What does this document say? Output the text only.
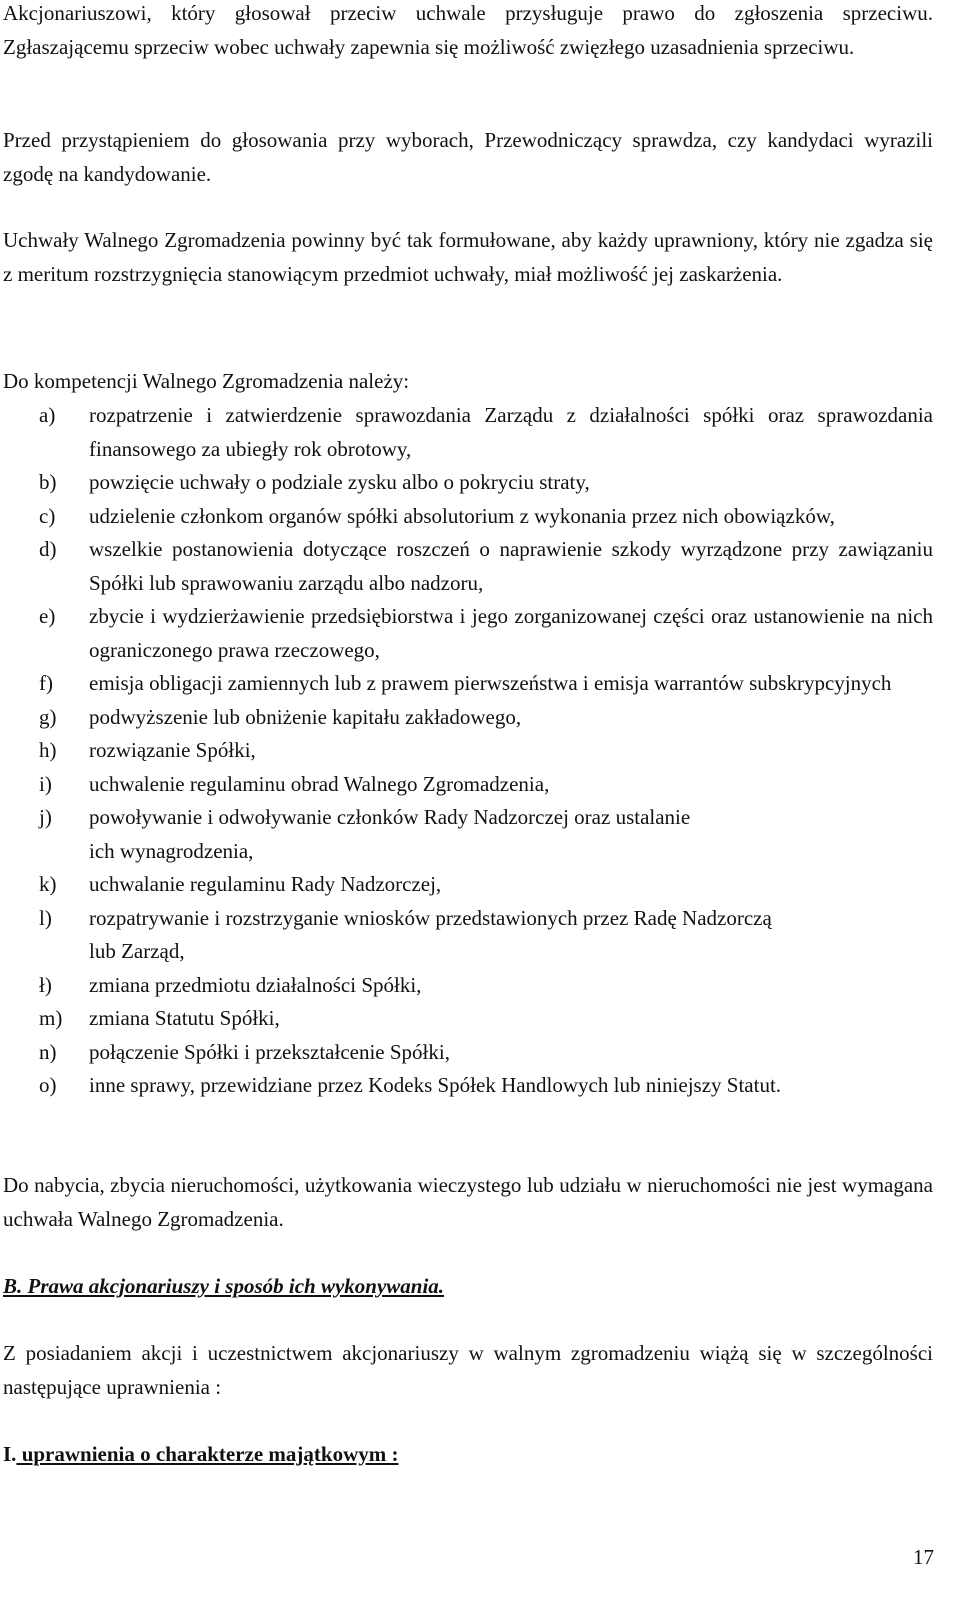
Akcjonariuszowi, który głosował przeciw uchwale przysługuje prawo do zgłoszenia sprzeciwu. Zgłaszającemu sprzeciw wobec uchwały zapewnia się możliwość zwięzłego uzasadnienia sprzeciwu.

Przed przystąpieniem do głosowania przy wyborach, Przewodniczący sprawdza, czy kandydaci wyrazili zgodę na kandydowanie.

Uchwały Walnego Zgromadzenia powinny być tak formułowane, aby każdy uprawniony, który nie zgadza się z meritum rozstrzygnięcia stanowiącym przedmiot uchwały, miał możliwość jej zaskarżenia.

Do kompetencji Walnego Zgromadzenia należy:

a) rozpatrzenie i zatwierdzenie sprawozdania Zarządu z działalności spółki oraz sprawozdania finansowego za ubiegły rok obrotowy,
b) powzięcie uchwały o podziale zysku albo o pokryciu straty,
c) udzielenie członkom organów spółki absolutorium z wykonania przez nich obowiązków,
d) wszelkie postanowienia dotyczące roszczeń o naprawienie szkody wyrządzone przy zawiązaniu Spółki lub sprawowaniu zarządu albo nadzoru,
e) zbycie i wydzierżawienie przedsiębiorstwa i jego zorganizowanej części oraz ustanowienie na nich ograniczonego prawa rzeczowego,
f) emisja obligacji zamiennych lub z prawem pierwszeństwa i emisja warrantów subskrypcyjnych
g) podwyższenie lub obniżenie kapitału zakładowego,
h) rozwiązanie Spółki,
i) uchwalenie regulaminu obrad Walnego Zgromadzenia,
j) powoływanie i odwoływanie członków Rady Nadzorczej oraz ustalanie
ich wynagrodzenia,
k) uchwalanie regulaminu Rady Nadzorczej,
l) rozpatrywanie i rozstrzyganie wniosków przedstawionych przez Radę Nadzorczą
lub Zarząd,
ł) zmiana przedmiotu działalności Spółki,
m) zmiana Statutu Spółki,
n) połączenie Spółki i przekształcenie Spółki,
o) inne sprawy, przewidziane przez Kodeks Spółek Handlowych lub niniejszy Statut.

Do nabycia, zbycia nieruchomości, użytkowania wieczystego lub udziału w nieruchomości nie jest wymagana uchwała Walnego Zgromadzenia.

B. Prawa akcjonariuszy i sposób ich wykonywania.

Z posiadaniem akcji i uczestnictwem akcjonariuszy w walnym zgromadzeniu wiążą się w szczególności następujące uprawnienia :

I. uprawnienia o charakterze majątkowym :
17
